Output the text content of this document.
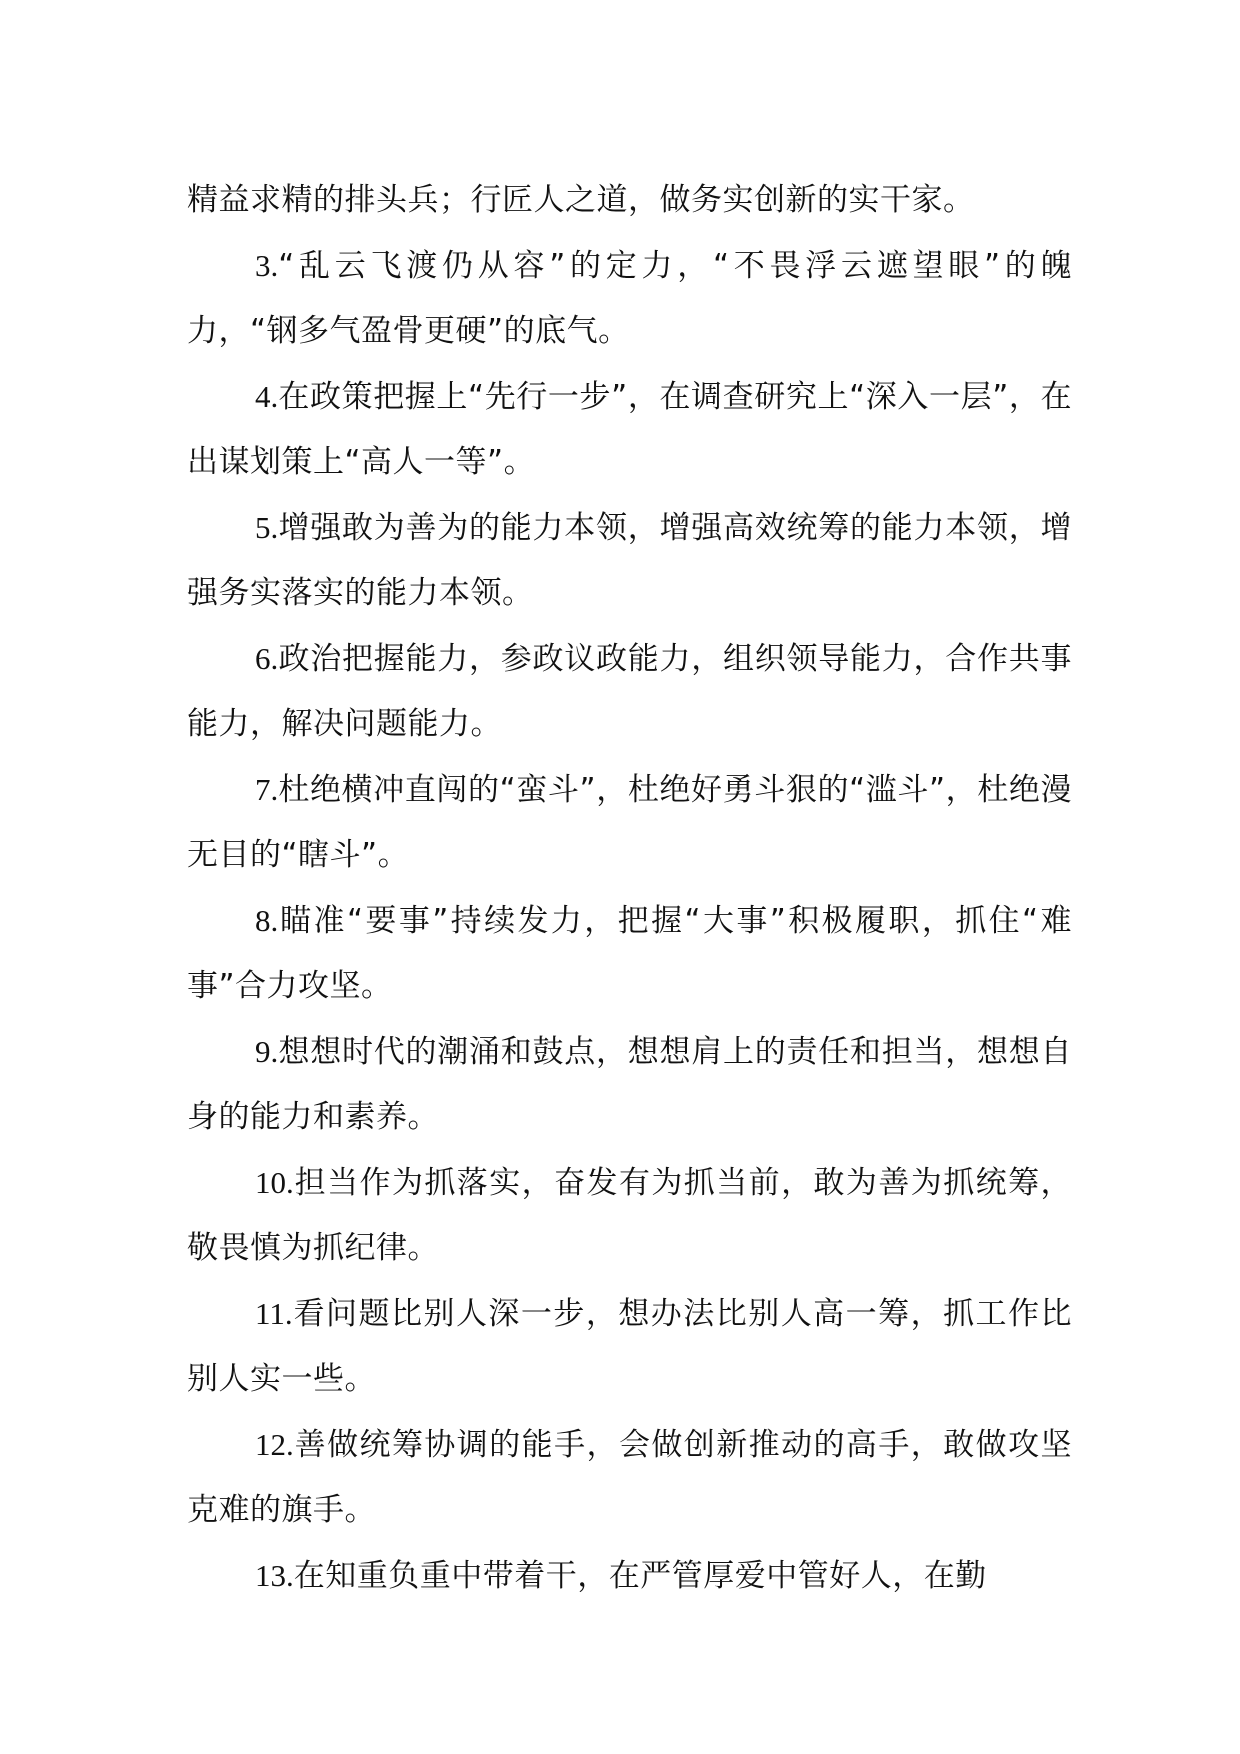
精益求精的排头兵；行匠人之道，做务实创新的实干家。

3.“乱云飞渡仍从容”的定力，“不畏浮云遮望眼”的魄力，“钢多气盈骨更硬”的底气。

4.在政策把握上“先行一步”，在调查研究上“深入一层”，在出谋划策上“高人一等”。

5.增强敢为善为的能力本领，增强高效统筹的能力本领，增强务实落实的能力本领。

6.政治把握能力，参政议政能力，组织领导能力，合作共事能力，解决问题能力。

7.杜绝横冲直闯的“蛮斗”，杜绝好勇斗狠的“滥斗”，杜绝漫无目的“瞎斗”。

8.瞄准“要事”持续发力，把握“大事”积极履职，抓住“难事”合力攻坚。

9.想想时代的潮涌和鼓点，想想肩上的责任和担当，想想自身的能力和素养。

10.担当作为抓落实，奋发有为抓当前，敢为善为抓统筹，敬畏慎为抓纪律。

11.看问题比别人深一步，想办法比别人高一筹，抓工作比别人实一些。

12.善做统筹协调的能手，会做创新推动的高手，敢做攻坚克难的旗手。

13.在知重负重中带着干，在严管厚爱中管好人，在勤
